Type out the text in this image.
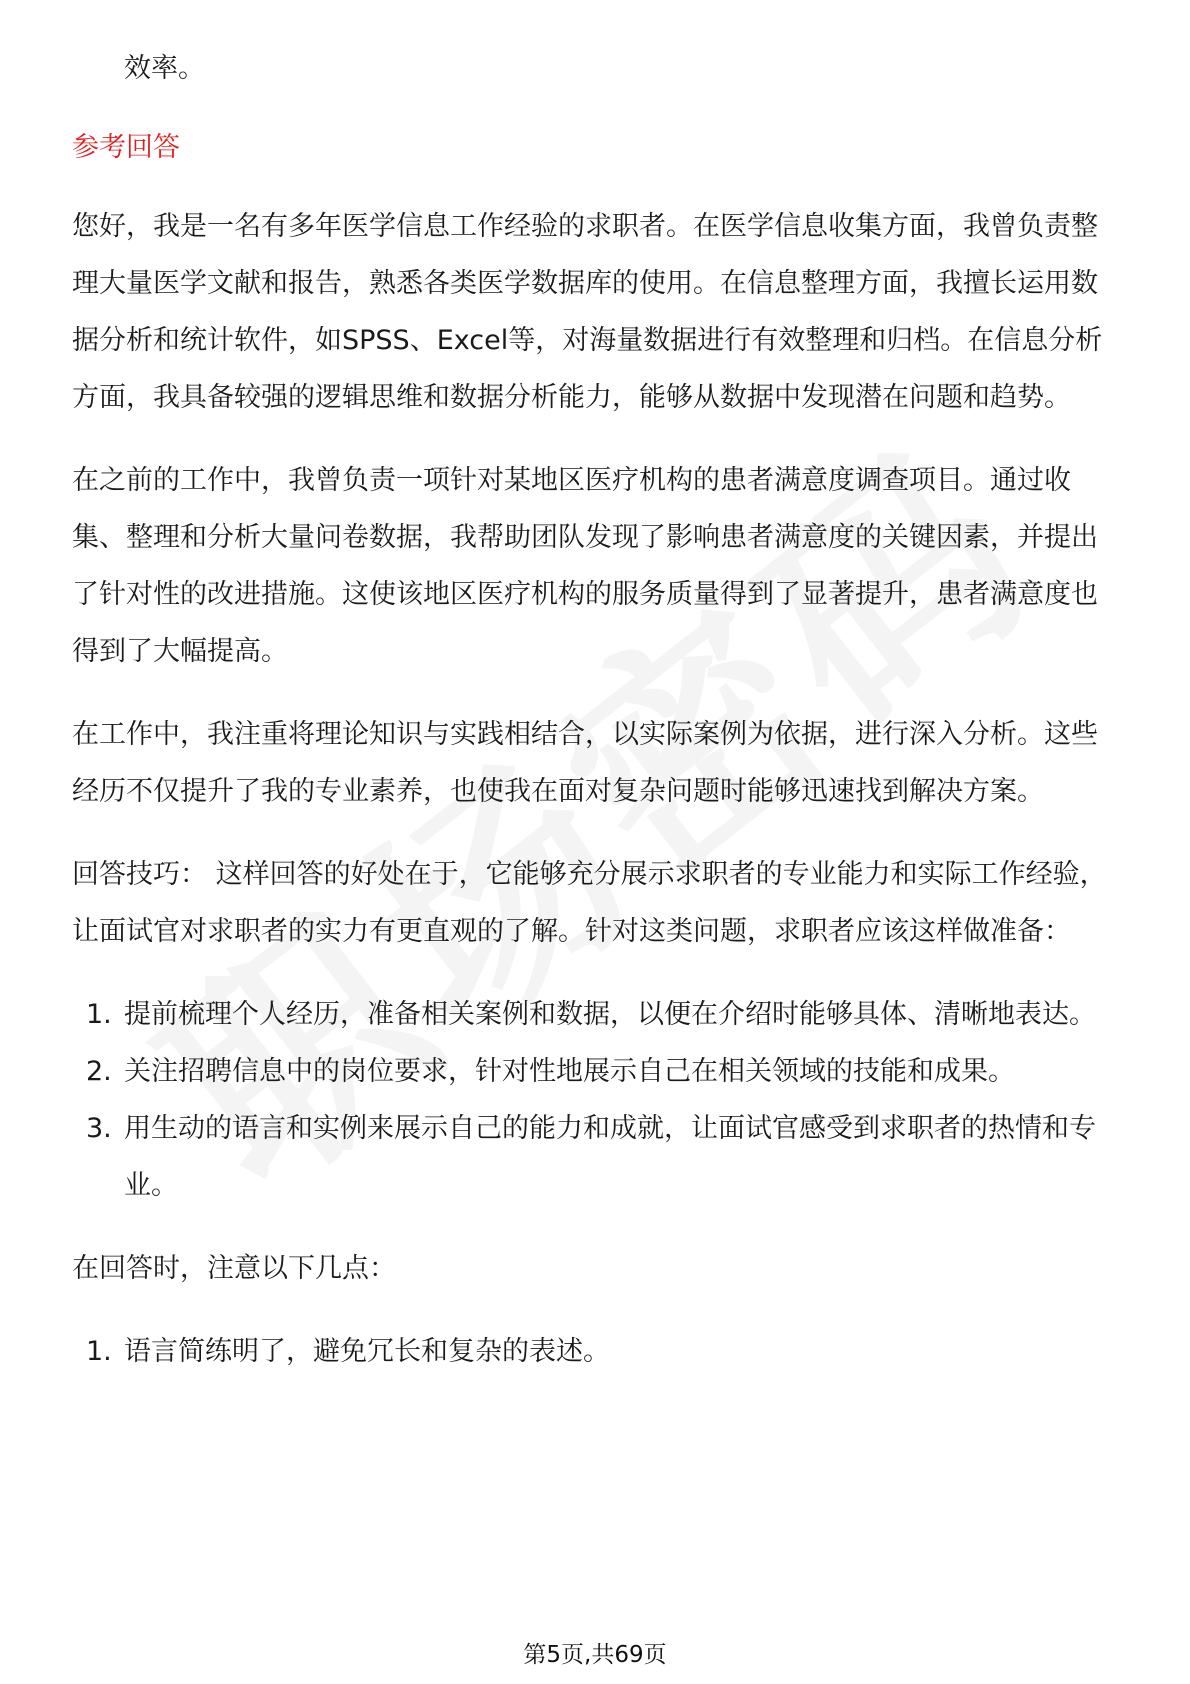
效率。

参考回答

您好，我是一名有多年医学信息工作经验的求职者。在医学信息收集方面，我曾负责整理大量医学文献和报告，熟悉各类医学数据库的使用。在信息整理方面，我擅长运用数据分析和统计软件，如SPSS、Excel等，对海量数据进行有效整理和归档。在信息分析方面，我具备较强的逻辑思维和数据分析能力，能够从数据中发现潜在问题和趋势。

在之前的工作中，我曾负责一项针对某地区医疗机构的患者满意度调查项目。通过收集、整理和分析大量问卷数据，我帮助团队发现了影响患者满意度的关键因素，并提出了针对性的改进措施。这使该地区医疗机构的服务质量得到了显著提升，患者满意度也得到了大幅提高。

在工作中，我注重将理论知识与实践相结合，以实际案例为依据，进行深入分析。这些经历不仅提升了我的专业素养，也使我在面对复杂问题时能够迅速找到解决方案。

回答技巧： 这样回答的好处在于，它能够充分展示求职者的专业能力和实际工作经验，让面试官对求职者的实力有更直观的了解。针对这类问题，求职者应该这样做准备：

1. 提前梳理个人经历，准备相关案例和数据，以便在介绍时能够具体、清晰地表达。
2. 关注招聘信息中的岗位要求，针对性地展示自己在相关领域的技能和成果。
3. 用生动的语言和实例来展示自己的能力和成就，让面试官感受到求职者的热情和专业。

在回答时，注意以下几点：

1. 语言简练明了，避免冗长和复杂的表述。
第5页,共69页
